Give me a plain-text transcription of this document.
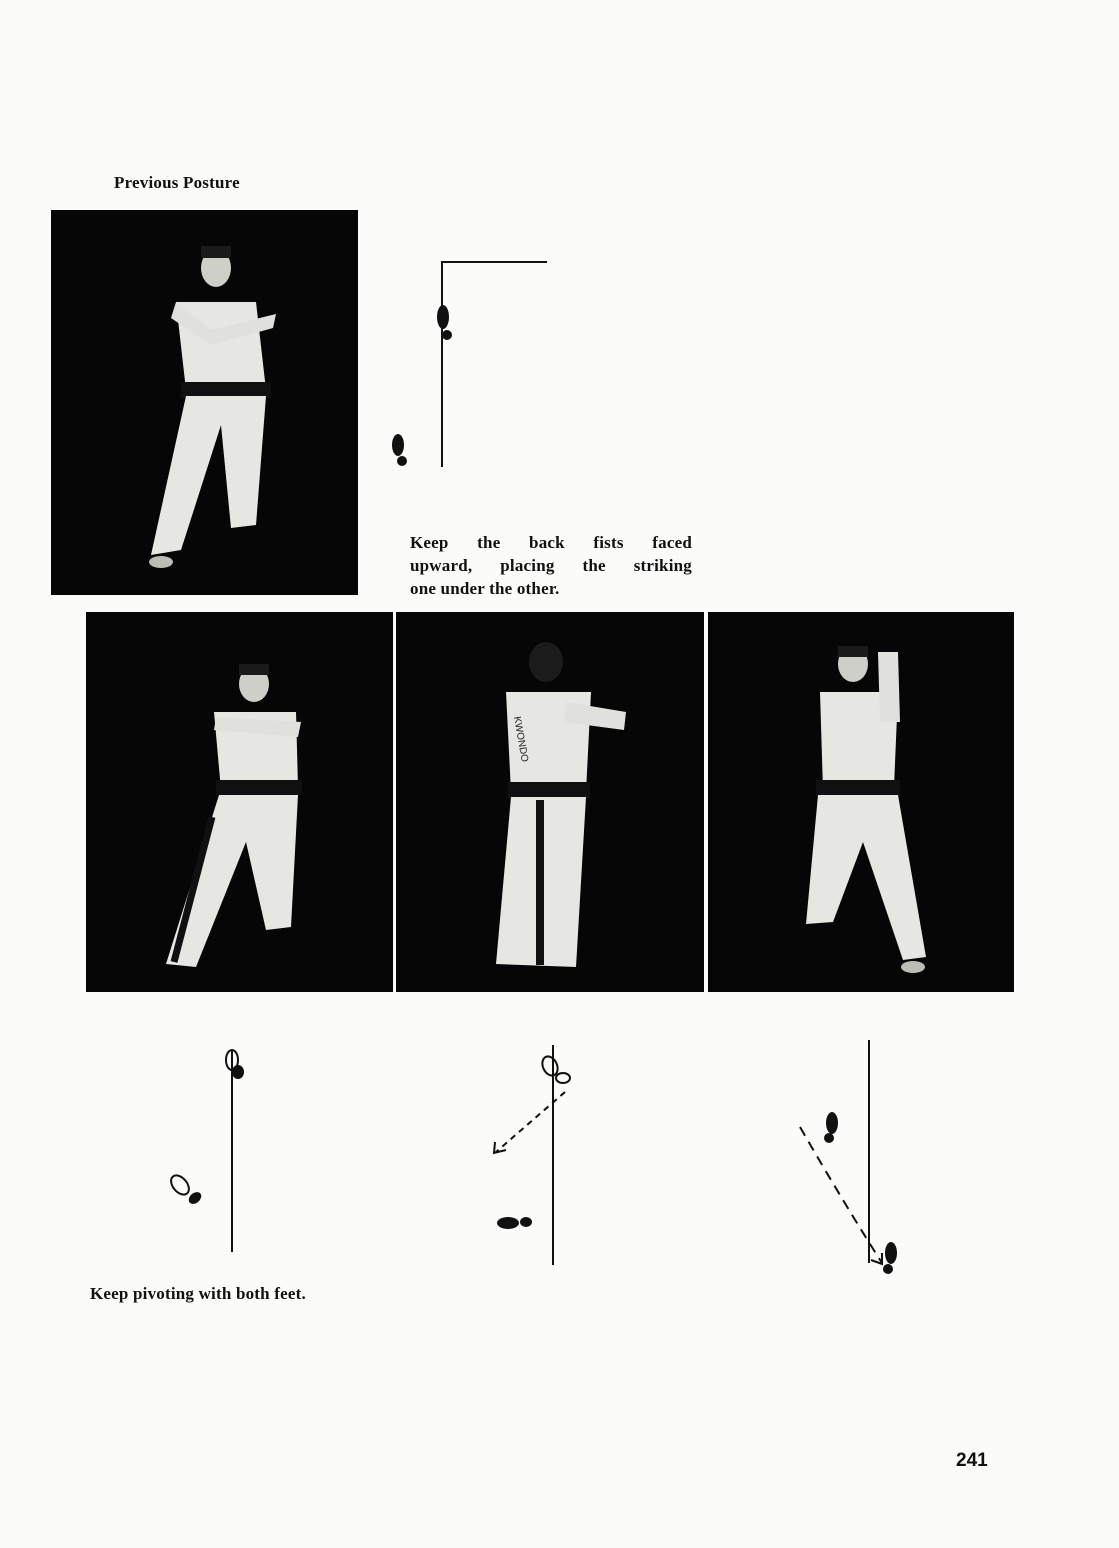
Previous Posture
Keep the back fists faced
upward, placing the striking
one under the other.
KWONDO
Keep pivoting with both feet.
241
